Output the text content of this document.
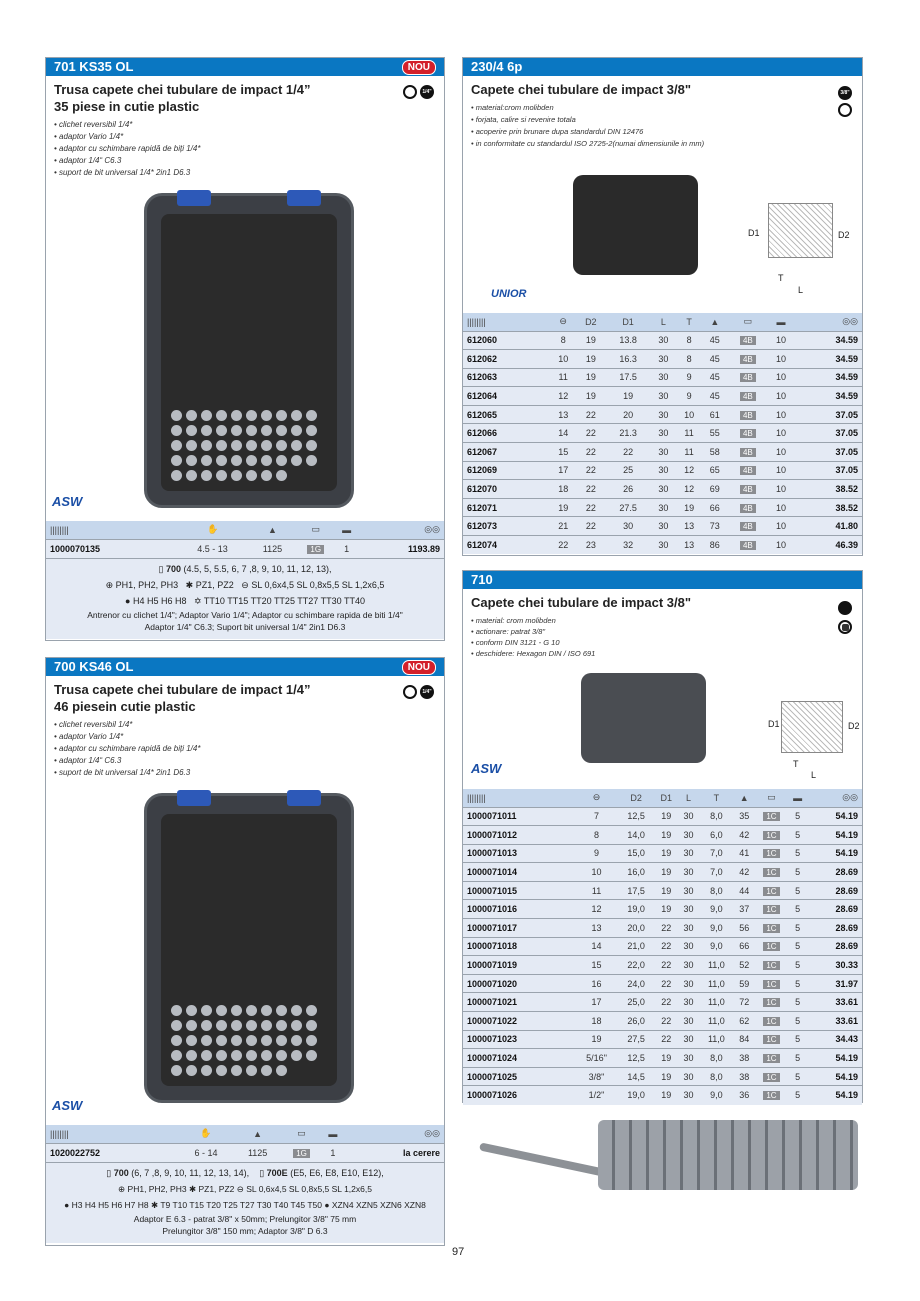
701 KS35 OL	NOU
1/4"
Trusa capete chei tubulare de impact 1/4”
35 piese in cutie plastic
• clichet reversibil 1/4*
• adaptor Vario 1/4*
• adaptor cu schimbare rapidă de biți 1/4*
• adaptor 1/4“ C6.3
• suport de bit universal 1/4* 2in1 D6.3
ASW
||||||||	✋	▲	▭	▬	◎◎
1000070135	4.5 - 13	1125	1G	1	1193.89
▯ 700 (4.5, 5, 5.5, 6, 7 ,8, 9, 10, 11, 12, 13),
⊕ PH1, PH2, PH3 ✱ PZ1, PZ2 ⊖ SL 0,6x4,5 SL 0,8x5,5 SL 1,2x6,5
● H4 H5 H6 H8 ✡ TT10 TT15 TT20 TT25 TT27 TT30 TT40
Antrenor cu clichet 1/4"; Adaptor Vario 1/4"; Adaptor cu schimbare rapida de biti 1/4"
Adaptor 1/4" C6.3; Suport bit universal 1/4" 2in1 D6.3
700 KS46 OL	NOU
1/4"
Trusa capete chei tubulare de impact 1/4”
46 piesein cutie plastic
• clichet reversibil 1/4*
• adaptor Vario 1/4*
• adaptor cu schimbare rapidă de biți 1/4*
• adaptor 1/4“ C6.3
• suport de bit universal 1/4* 2in1 D6.3
ASW
||||||||	✋	▲	▭	▬	◎◎
1020022752	6 - 14	1125	1G	1	la cerere
▯ 700 (6, 7 ,8, 9, 10, 11, 12, 13, 14), ▯ 700E (E5, E6, E8, E10, E12),
⊕ PH1, PH2, PH3 ✱ PZ1, PZ2 ⊖ SL 0,6x4,5 SL 0,8x5,5 SL 1,2x6,5
● H3 H4 H5 H6 H7 H8 ✱ T9 T10 T15 T20 T25 T27 T30 T40 T45 T50 ● XZN4 XZN5 XZN6 XZN8
Adaptor E 6.3 - patrat 3/8" x 50mm; Prelungitor 3/8" 75 mm
Prelungitor 3/8" 150 mm; Adaptor 3/8" D 6.3
230/4 6p
3/8"
Capete chei tubulare de impact 3/8"
• material:crom molibden
• forjata, calire si revenire totala
• acoperire prin brunare dupa standardul DIN 12476
• in conformitate cu standardul ISO 2725-2(numai dimensiunile in mm)
D1	D2
T
L
UNIOR
||||||||	⊖	D2	D1	L	T	▲	▭	▬	◎◎
612060	8	19	13.8	30	8	45	4B	10	34.59
612062	10	19	16.3	30	8	45	4B	10	34.59
612063	11	19	17.5	30	9	45	4B	10	34.59
612064	12	19	19	30	9	45	4B	10	34.59
612065	13	22	20	30	10	61	4B	10	37.05
612066	14	22	21.3	30	11	55	4B	10	37.05
612067	15	22	22	30	11	58	4B	10	37.05
612069	17	22	25	30	12	65	4B	10	37.05
612070	18	22	26	30	12	69	4B	10	38.52
612071	19	22	27.5	30	19	66	4B	10	38.52
612073	21	22	30	30	13	73	4B	10	41.80
612074	22	23	32	30	13	86	4B	10	46.39
710
Capete chei tubulare de impact 3/8"
• material: crom molibden
• actionare: patrat 3/8"
• conform DIN 3121 - G 10
• deschidere: Hexagon DIN / ISO 691
D1	D2
T
L
ASW
||||||||	⊖	D2	D1	L	T	▲	▭	▬	◎◎
1000071011	7	12,5	19	30	8,0	35	1C	5	54.19
1000071012	8	14,0	19	30	6,0	42	1C	5	54.19
1000071013	9	15,0	19	30	7,0	41	1C	5	54.19
1000071014	10	16,0	19	30	7,0	42	1C	5	28.69
1000071015	11	17,5	19	30	8,0	44	1C	5	28.69
1000071016	12	19,0	19	30	9,0	37	1C	5	28.69
1000071017	13	20,0	22	30	9,0	56	1C	5	28.69
1000071018	14	21,0	22	30	9,0	66	1C	5	28.69
1000071019	15	22,0	22	30	11,0	52	1C	5	30.33
1000071020	16	24,0	22	30	11,0	59	1C	5	31.97
1000071021	17	25,0	22	30	11,0	72	1C	5	33.61
1000071022	18	26,0	22	30	11,0	62	1C	5	33.61
1000071023	19	27,5	22	30	11,0	84	1C	5	34.43
1000071024	5/16"	12,5	19	30	8,0	38	1C	5	54.19
1000071025	3/8"	14,5	19	30	8,0	38	1C	5	54.19
1000071026	1/2"	19,0	19	30	9,0	36	1C	5	54.19
97
